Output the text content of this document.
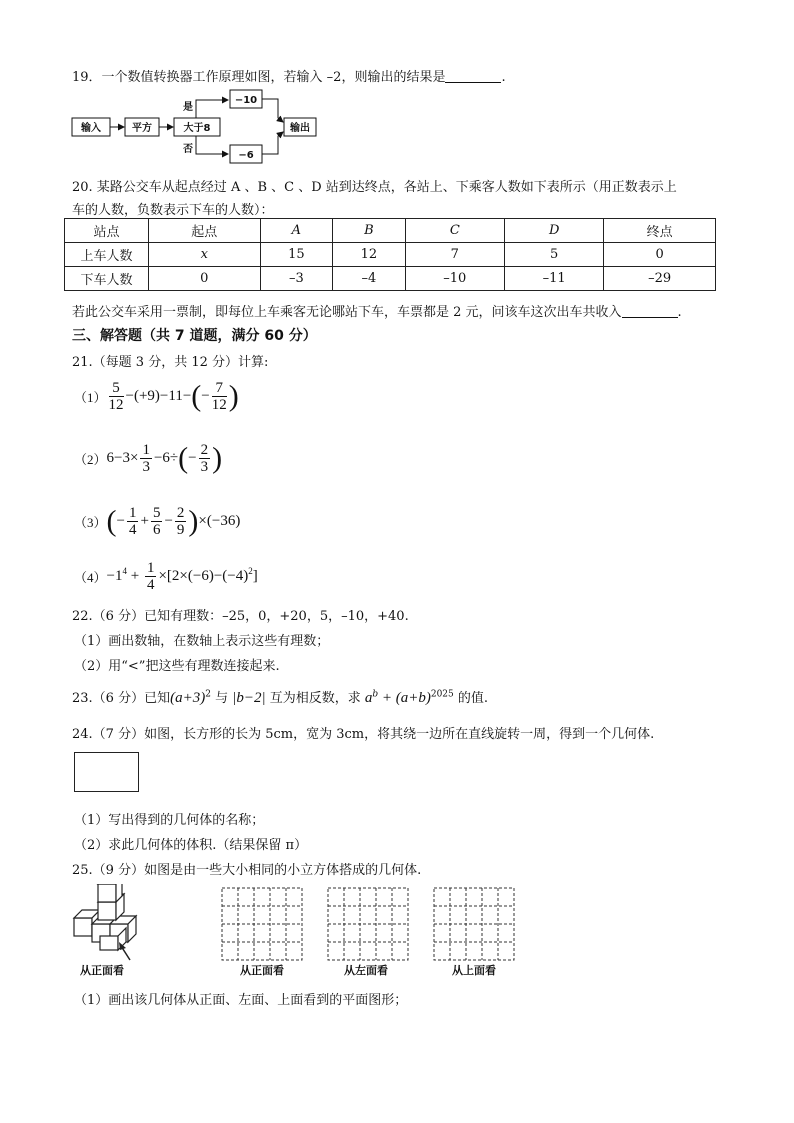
19．一个数值转换器工作原理如图，若输入 –2，则输出的结果是	.
输入	平方	大于8
是
否
−10
−6
输出
20. 某路公交车从起点经过 A 、B 、C 、D 站到达终点，各站上、下乘客人数如下表所示（用正数表示上
车的人数，负数表示下车的人数）：
站点	起点	A	B	C	D	终点
上车人数	x	15	12	7	5	0
下车人数	0	–3	–4	–10	–11	–29
若此公交车采用一票制，即每位上车乘客无论哪站下车，车票都是 2 元，问该车这次出车共收入	.
三、解答题（共 7 道题，满分 60 分）
21.（每题 3 分，共 12 分）计算:
$(1) \frac{5}{12} -(+9)-11-(- \frac{7}{12}$ )
$(2)6-3\times \frac{1}{3} -6\div(- \frac{2}{3}$ )
$(3)(- \frac{1}{4} + \frac{5}{6} - \frac{2}{9} )\times(-36)$
$(4)-1^4 + \frac{1}{4} \times[2\times(-6)-(-4)^2]$
22.（6 分）已知有理数：–25，0，+20，5，–10，+40.
（1）画出数轴，在数轴上表示这些有理数；
（2）用“<”把这些有理数连接起来.
23.（6 分）已知$(a+3)^2$ 与 |b−2| 互为相反数，求 $a^b + (a+b)^{2025}$ 的值.
24.（7 分）如图，长方形的长为 5cm，宽为 3cm，将其绕一边所在直线旋转一周，得到一个几何体.
（1）写出得到的几何体的名称；
（2）求此几何体的体积.（结果保留 π）
25.（9 分）如图是由一些大小相同的小立方体搭成的几何体.
从正面看	从正面看	从左面看	从上面看
（1）画出该几何体从正面、左面、上面看到的平面图形；
